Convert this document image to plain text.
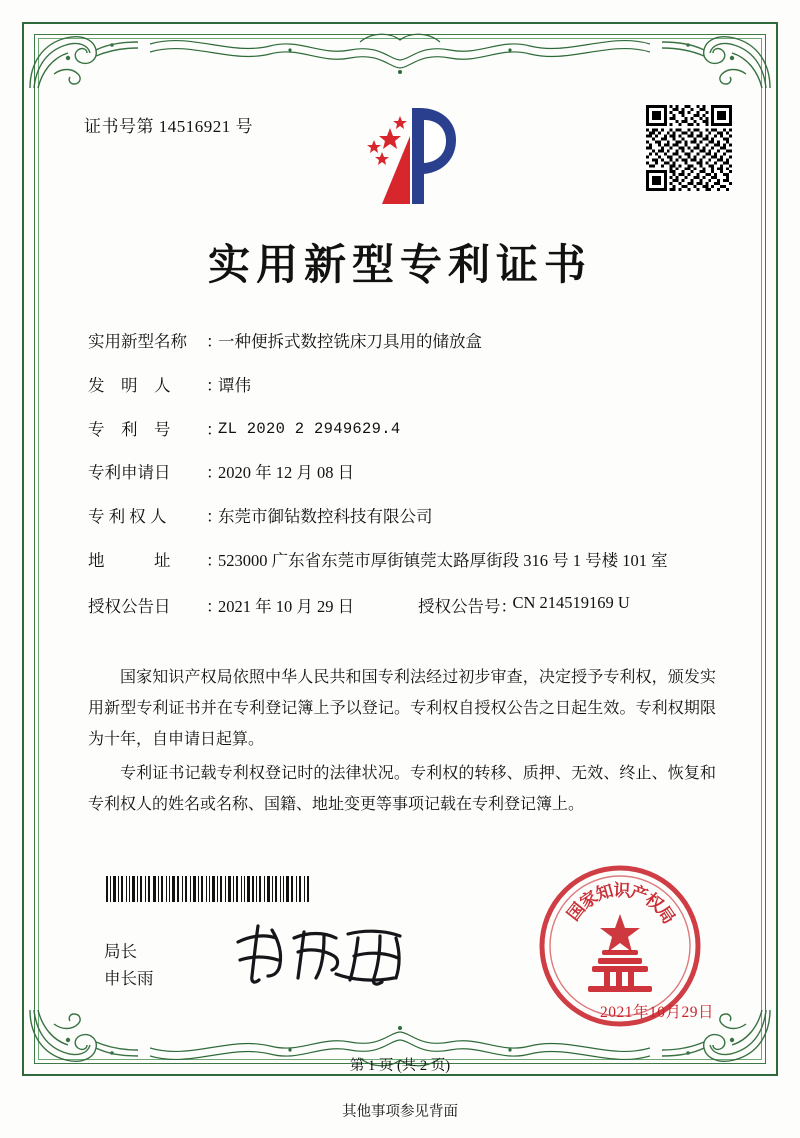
证书号第 14516921 号
实用新型专利证书
实用新型名称	：
一种便拆式数控铣床刀具用的储放盒
发　明　人	：
谭伟
专　利　号	：
ZL 2020 2 2949629.4
专利申请日	：
2020 年 12 月 08 日
专 利 权 人	：
东莞市御钻数控科技有限公司
地　　　址	：
523000 广东省东莞市厚街镇莞太路厚街段 316 号 1 号楼 101 室
授权公告日	：
2021 年 10 月 29 日	授权公告号 ：
CN 214519169 U

国家知识产权局依照中华人民共和国专利法经过初步审查，决定授予专利权，颁发实用新型专利证书并在专利登记簿上予以登记。专利权自授权公告之日起生效。专利权期限为十年，自申请日起算。

专利证书记载专利权登记时的法律状况。专利权的转移、质押、无效、终止、恢复和专利权人的姓名或名称、国籍、地址变更等事项记载在专利登记簿上。

局长
申长雨
国
家
知
识
产
权
局
2021年10月29日
第 1 页 (共 2 页)
其他事项参见背面
